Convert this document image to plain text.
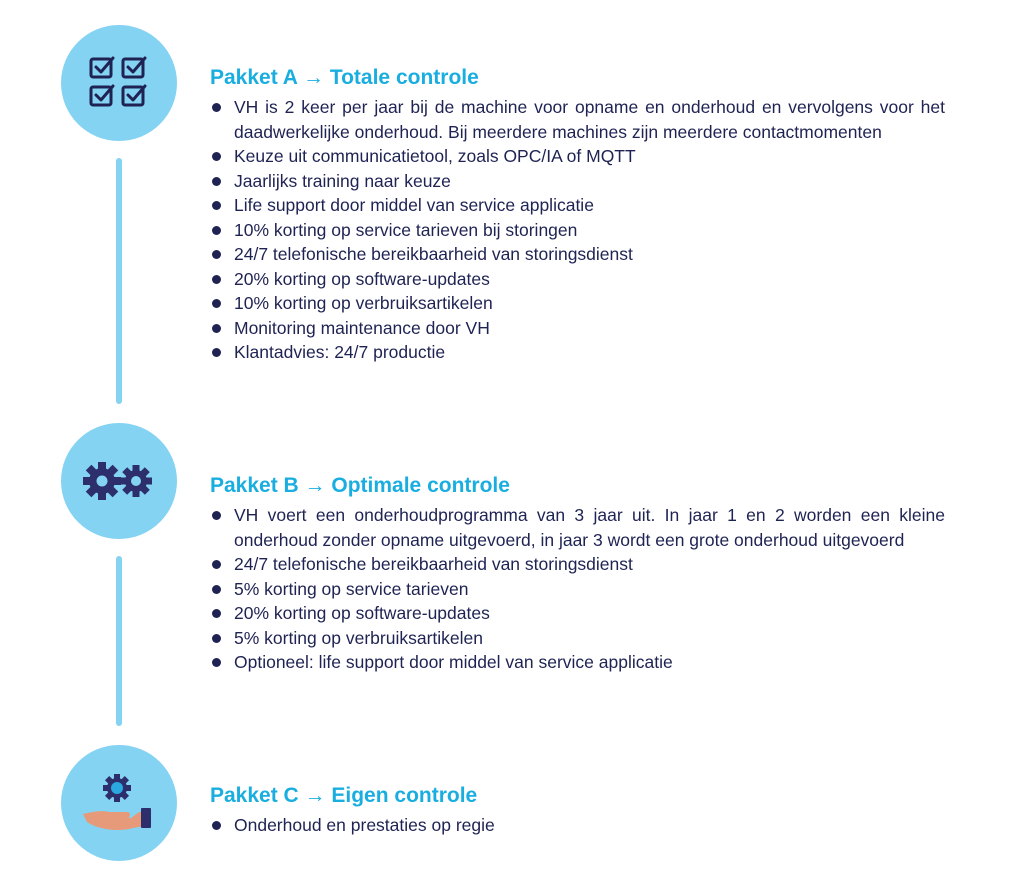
Pakket A → Totale controle
VH is 2 keer per jaar bij de machine voor opname en onderhoud en vervolgens voor het daadwerkelijke onderhoud. Bij meerdere machines zijn meerdere contactmomenten
Keuze uit communicatietool, zoals OPC/IA of MQTT
Jaarlijks training naar keuze
Life support door middel van service applicatie
10% korting op service tarieven bij storingen
24/7 telefonische bereikbaarheid van storingsdienst
20% korting op software-updates
10% korting op verbruiksartikelen
Monitoring maintenance door VH
Klantadvies: 24/7 productie
Pakket B → Optimale controle
VH voert een onderhoudprogramma van 3 jaar uit. In jaar 1 en 2 worden een kleine onderhoud zonder opname uitgevoerd, in jaar 3 wordt een grote onderhoud uitgevoerd
24/7 telefonische bereikbaarheid van storingsdienst
5% korting op service tarieven
20% korting op software-updates
5% korting op verbruiksartikelen
Optioneel: life support door middel van service applicatie
Pakket C → Eigen controle
Onderhoud en prestaties op regie
